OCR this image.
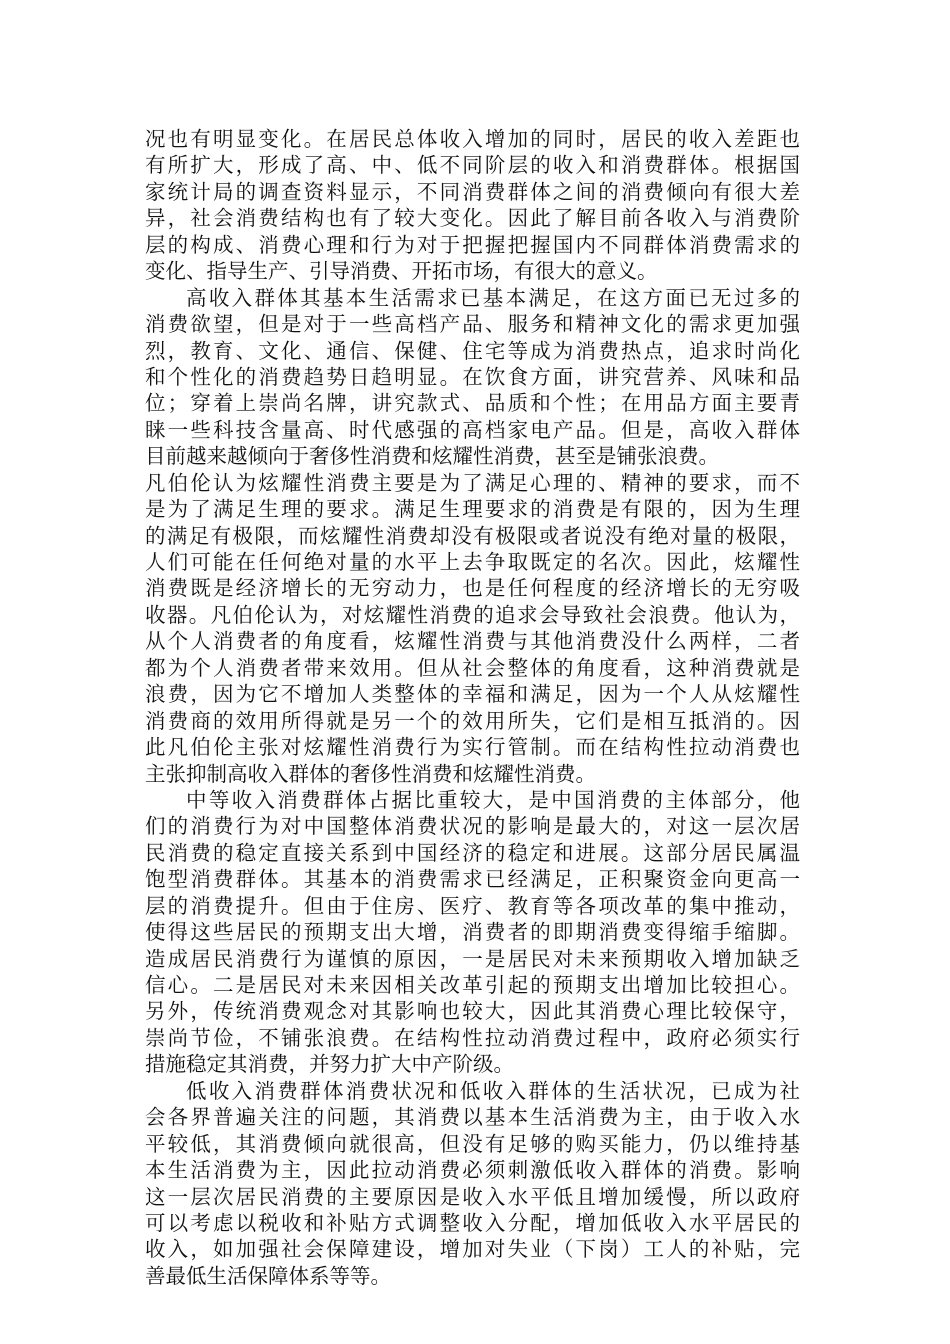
况也有明显变化。在居民总体收入增加的同时，居民的收入差距也
有所扩大，形成了高、中、低不同阶层的收入和消费群体。根据国
家统计局的调查资料显示，不同消费群体之间的消费倾向有很大差
异，社会消费结构也有了较大变化。因此了解目前各收入与消费阶
层的构成、消费心理和行为对于把握把握国内不同群体消费需求的
变化、指导生产、引导消费、开拓市场，有很大的意义。
高收入群体其基本生活需求已基本满足，在这方面已无过多的
消费欲望，但是对于一些高档产品、服务和精神文化的需求更加强
烈，教育、文化、通信、保健、住宅等成为消费热点，追求时尚化
和个性化的消费趋势日趋明显。在饮食方面，讲究营养、风味和品
位；穿着上崇尚名牌，讲究款式、品质和个性；在用品方面主要青
睐一些科技含量高、时代感强的高档家电产品。但是，高收入群体
目前越来越倾向于奢侈性消费和炫耀性消费，甚至是铺张浪费。
凡伯伦认为炫耀性消费主要是为了满足心理的、精神的要求，而不
是为了满足生理的要求。满足生理要求的消费是有限的，因为生理
的满足有极限，而炫耀性消费却没有极限或者说没有绝对量的极限，
人们可能在任何绝对量的水平上去争取既定的名次。因此，炫耀性
消费既是经济增长的无穷动力，也是任何程度的经济增长的无穷吸
收器。凡伯伦认为，对炫耀性消费的追求会导致社会浪费。他认为，
从个人消费者的角度看，炫耀性消费与其他消费没什么两样，二者
都为个人消费者带来效用。但从社会整体的角度看，这种消费就是
浪费，因为它不增加人类整体的幸福和满足，因为一个人从炫耀性
消费商的效用所得就是另一个的效用所失，它们是相互抵消的。因
此凡伯伦主张对炫耀性消费行为实行管制。而在结构性拉动消费也
主张抑制高收入群体的奢侈性消费和炫耀性消费。
中等收入消费群体占据比重较大，是中国消费的主体部分，他
们的消费行为对中国整体消费状况的影响是最大的，对这一层次居
民消费的稳定直接关系到中国经济的稳定和进展。这部分居民属温
饱型消费群体。其基本的消费需求已经满足，正积聚资金向更高一
层的消费提升。但由于住房、医疗、教育等各项改革的集中推动，
使得这些居民的预期支出大增，消费者的即期消费变得缩手缩脚。
造成居民消费行为谨慎的原因，一是居民对未来预期收入增加缺乏
信心。二是居民对未来因相关改革引起的预期支出增加比较担心。
另外，传统消费观念对其影响也较大，因此其消费心理比较保守，
崇尚节俭，不铺张浪费。在结构性拉动消费过程中，政府必须实行
措施稳定其消费，并努力扩大中产阶级。
低收入消费群体消费状况和低收入群体的生活状况，已成为社
会各界普遍关注的问题，其消费以基本生活消费为主，由于收入水
平较低，其消费倾向就很高，但没有足够的购买能力，仍以维持基
本生活消费为主，因此拉动消费必须刺激低收入群体的消费。影响
这一层次居民消费的主要原因是收入水平低且增加缓慢，所以政府
可以考虑以税收和补贴方式调整收入分配，增加低收入水平居民的
收入，如加强社会保障建设，增加对失业（下岗）工人的补贴，完
善最低生活保障体系等等。
